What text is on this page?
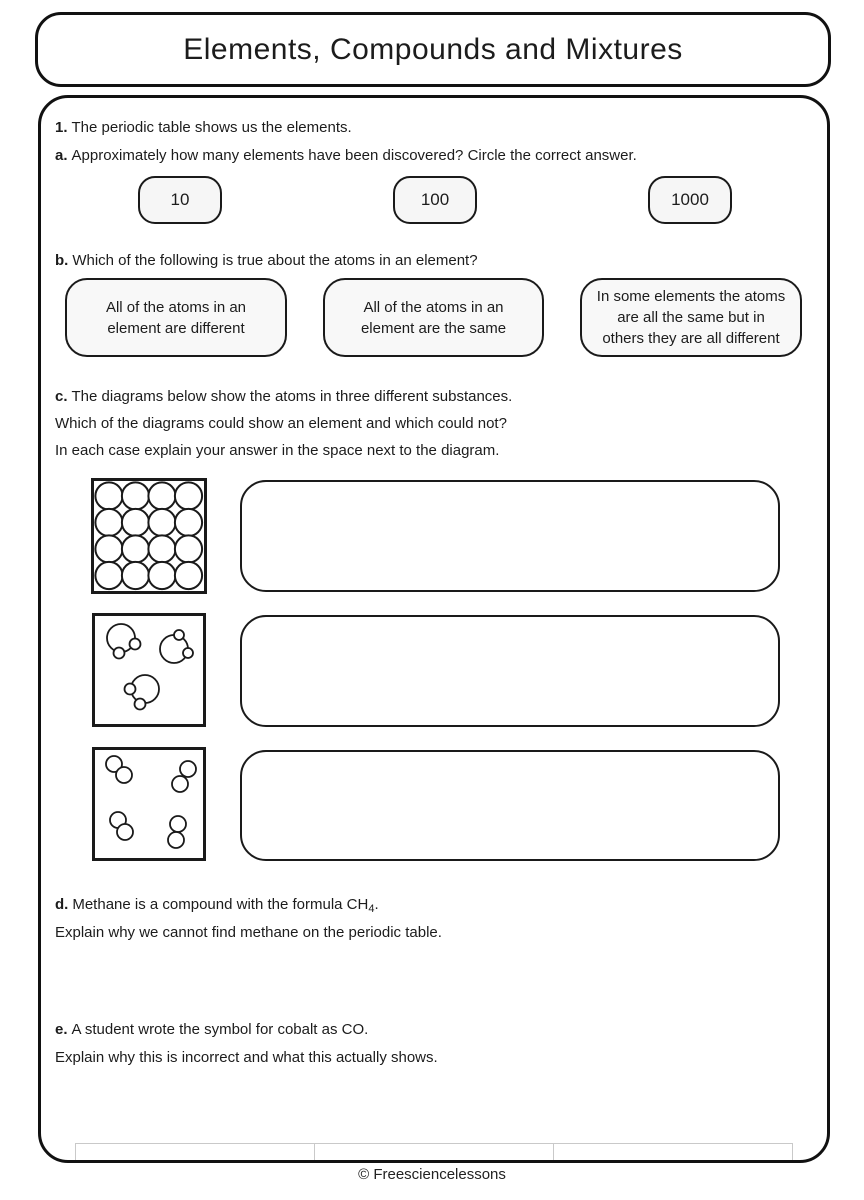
Elements, Compounds and Mixtures

1. The periodic table shows us the elements.

a. Approximately how many elements have been discovered? Circle the correct answer.

10	100	1000

b. Which of the following is true about the atoms in an element?

All of the atoms in an element are different
All of the atoms in an element are the same
In some elements the atoms are all the same but in others they are all different

c. The diagrams below show the atoms in three different substances.

Which of the diagrams could show an element and which could not?

In each case explain your answer in the space next to the diagram.

d. Methane is a compound with the formula $CH_4$.

Explain why we cannot find methane on the periodic table.

e. A student wrote the symbol for cobalt as CO.

Explain why this is incorrect and what this actually shows.

© Freesciencelessons
